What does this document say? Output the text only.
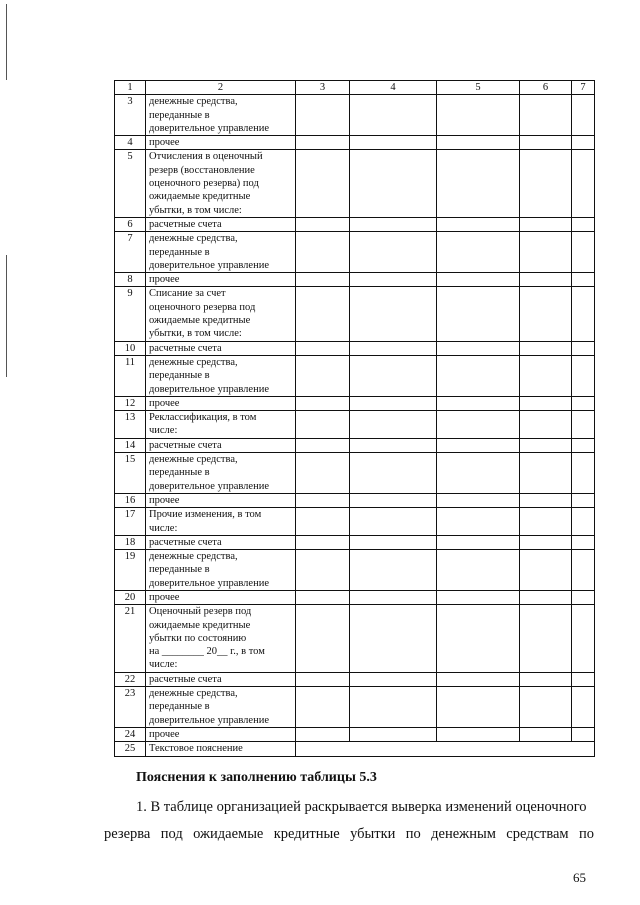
1	2	3	4	5	6	7
3	денежные средства,
переданные в
доверительное управление					
4	прочее					
5	Отчисления в оценочный
резерв (восстановление
оценочного резерва) под
ожидаемые кредитные
убытки, в том числе:					
6	расчетные счета					
7	денежные средства,
переданные в
доверительное управление					
8	прочее					
9	Списание за счет
оценочного резерва под
ожидаемые кредитные
убытки, в том числе:					
10	расчетные счета					
11	денежные средства,
переданные в
доверительное управление					
12	прочее					
13	Реклассификация, в том
числе:					
14	расчетные счета					
15	денежные средства,
переданные в
доверительное управление					
16	прочее					
17	Прочие изменения, в том
числе:					
18	расчетные счета					
19	денежные средства,
переданные в
доверительное управление					
20	прочее					
21	Оценочный резерв под
ожидаемые кредитные
убытки по состоянию
на ________ 20__ г., в том
числе:					
22	расчетные счета					
23	денежные средства,
переданные в
доверительное управление					
24	прочее					
25	Текстовое пояснение					
Пояснения к заполнению таблицы 5.3
1. В таблице организацией раскрывается выверка изменений оценочного
резерва под ожидаемые кредитные убытки по денежным средствам по
65
